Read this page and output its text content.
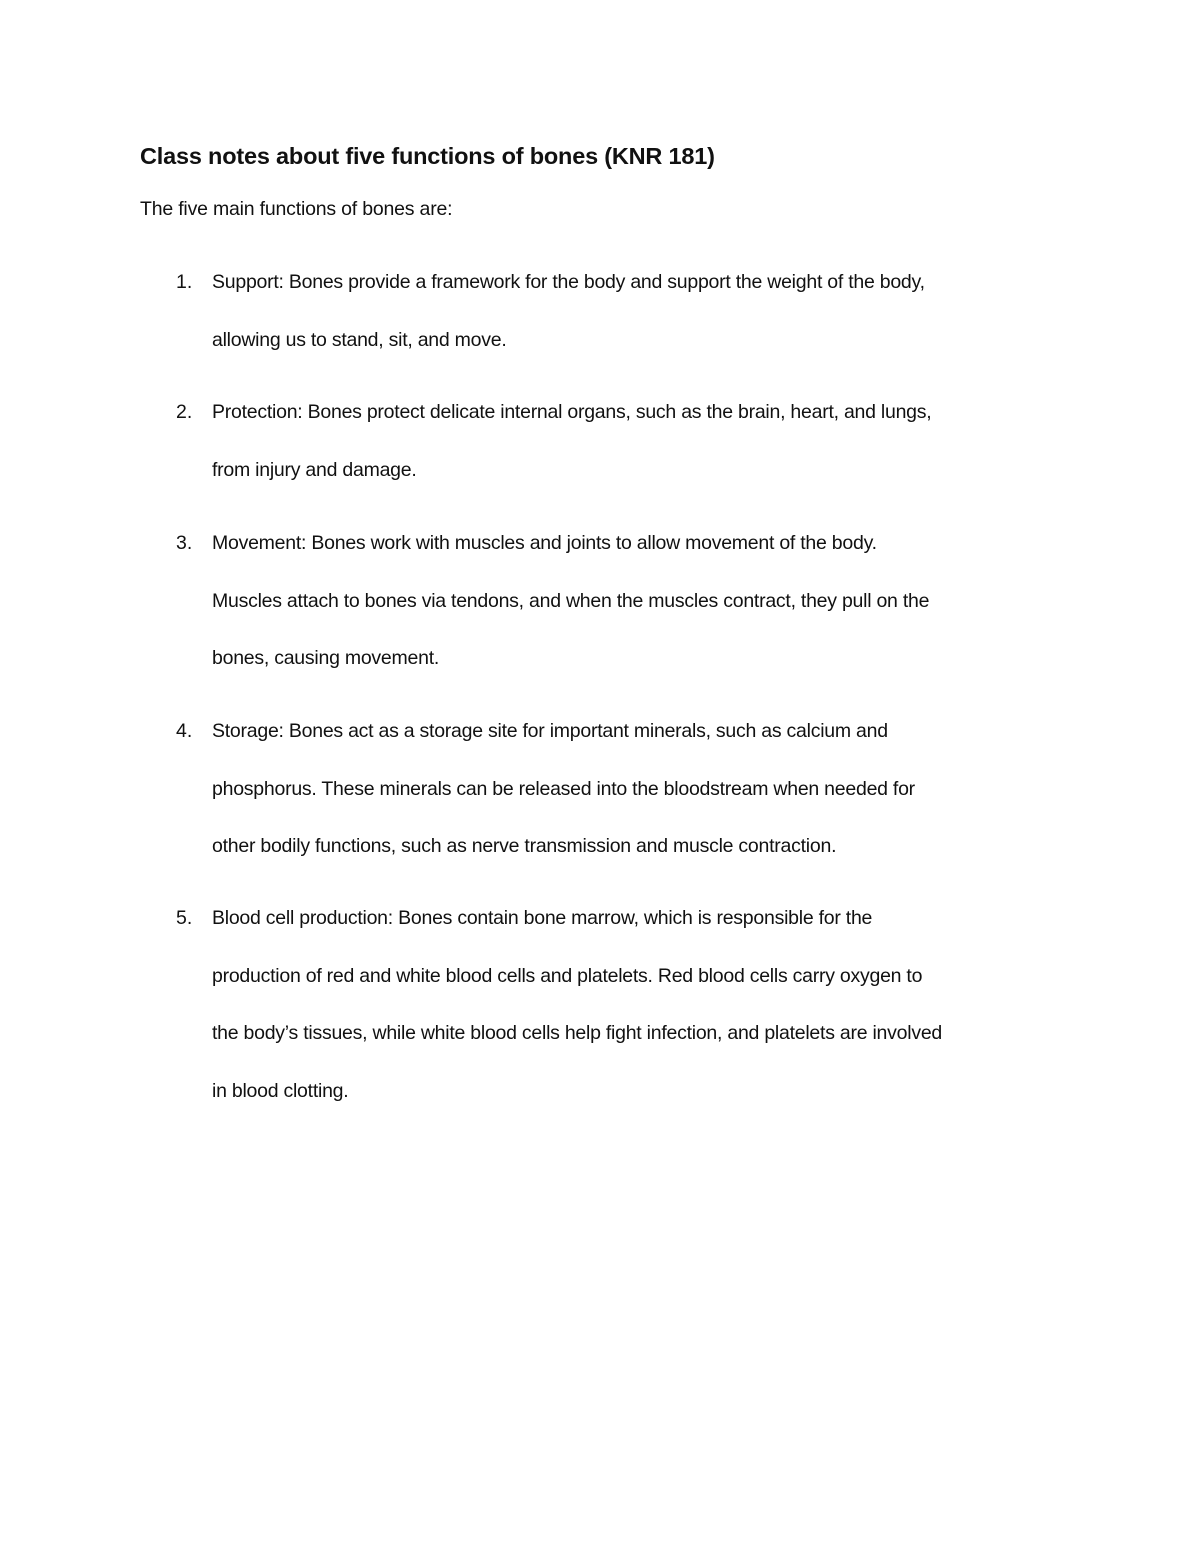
Class notes about five functions of bones (KNR 181)

The five main functions of bones are:

1. Support: Bones provide a framework for the body and support the weight of the body,
allowing us to stand, sit, and move.

2. Protection: Bones protect delicate internal organs, such as the brain, heart, and lungs,
from injury and damage.

3. Movement: Bones work with muscles and joints to allow movement of the body.
Muscles attach to bones via tendons, and when the muscles contract, they pull on the
bones, causing movement.

4. Storage: Bones act as a storage site for important minerals, such as calcium and
phosphorus. These minerals can be released into the bloodstream when needed for
other bodily functions, such as nerve transmission and muscle contraction.

5. Blood cell production: Bones contain bone marrow, which is responsible for the
production of red and white blood cells and platelets. Red blood cells carry oxygen to
the body’s tissues, while white blood cells help fight infection, and platelets are involved
in blood clotting.
